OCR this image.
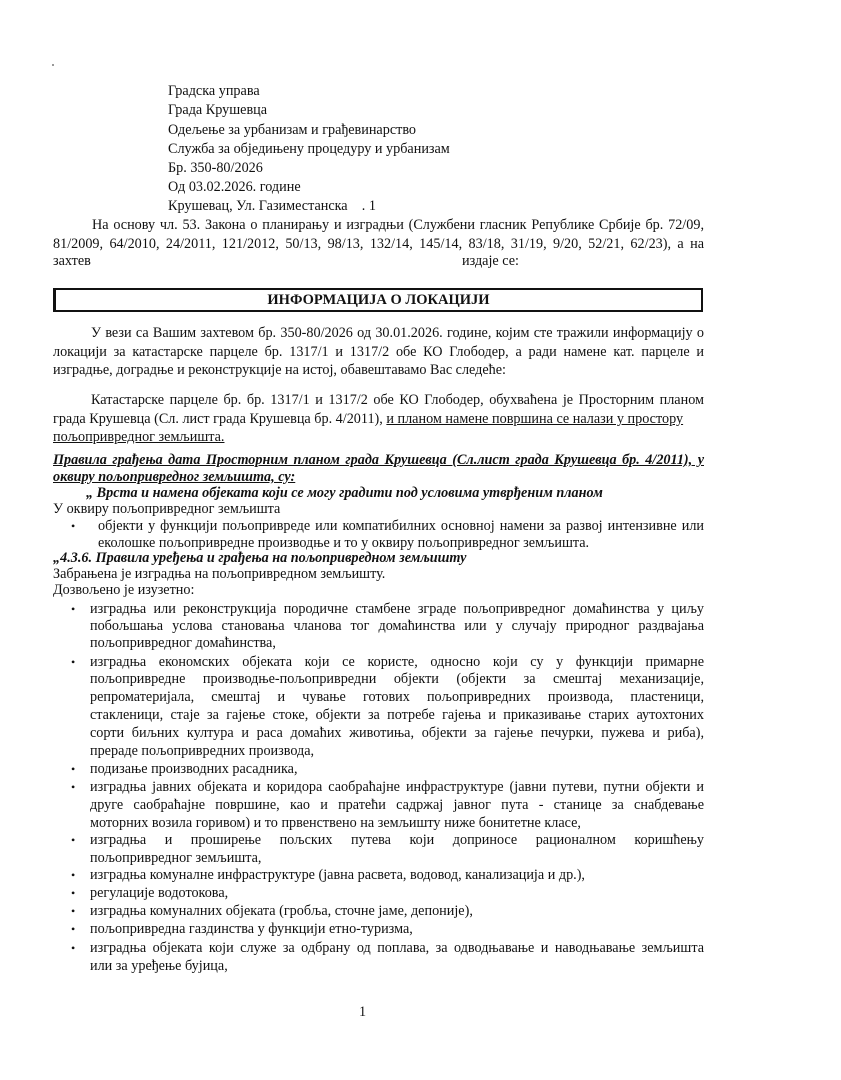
Градска управа
Града Крушевца
Одељење за урбанизам и грађевинарство
Служба за обједињену процедуру и урбанизам
Бр. 350-80/2026
Од 03.02.2026. године
Крушевац, Ул. Газиместанска    . 1
На основу чл. 53. Закона о планирању и изградњи (Службени гласник Републике Србије бр. 72/09,
81/2009, 64/2010, 24/2011, 121/2012, 50/13, 98/13, 132/14, 145/14, 83/18, 31/19, 9/20, 52/21, 62/23), а на
захтев	издаје се:
ИНФОРМАЦИЈА О ЛОКАЦИЈИ
У вези са Вашим захтевом бр. 350-80/2026 од 30.01.2026. године, којим сте тражили информацију о
локацији за катастарске парцеле бр. 1317/1 и 1317/2 обе КО Глободер, а ради намене кат. парцеле и
изградње, доградње и реконструкције на истој, обавештавамо Вас следеће:
Катастарске парцеле бр. бр. 1317/1 и 1317/2 обе КО Глободер, обухваћена је Просторним планом
града Крушевца (Сл. лист града Крушевца бр. 4/2011), и планом намене површина се налази у простору
пољопривредног земљишта.
Правила грађења дата Просторним планом града Крушевца (Сл.лист града Крушевца бр. 4/2011), у
оквиру пољопривредног земљишта, су:
„ Врста и намена објеката који се могу градити под условима утврђеним планом
У оквиру пољопривредног земљишта
• објекти у функцији пољопривреде или компатибилних основној намени за развој интензивне или
еколошке пољопривредне производње и то у оквиру пољопривредног земљишта.
„4.3.6. Правила уређења и грађења на пољопривредном земљишту
Забрањена је изградња на пољопривредном земљишту.
Дозвољено је изузетно:
• изградња или реконструкција породичне стамбене зграде пољопривредног домаћинства у циљу
побољшања услова становања чланова тог домаћинства или у случају природног раздвајања
пољопривредног домаћинства,
• изградња економских објеката који се користе, односно који су у функцији примарне
пољопривредне производње-пољопривредни објекти (објекти за смештај механизације,
репроматеријала, смештај и чување готових пољопривредних производа, пластеници,
стакленици, стаје за гајење стоке, објекти за потребе гајења и приказивање старих аутохтоних
сорти биљних култура и раса домаћих животиња, објекти за гајење печурки, пужева и риба),
прераде пољопривредних производа,
• подизање производних расадника,
• изградња јавних објеката и коридора саобраћајне инфраструктуре (јавни путеви, путни објекти и
друге саобраћајне површине, као и пратећи садржај јавног пута - станице за снабдевање
моторних возила горивом) и то првенствено на земљишту ниже бонитетне класе,
• изградња и проширење пољских путева који доприносе рационалном коришћењу
пољопривредног земљишта,
• изградња комуналне инфраструктуре (јавна расвета, водовод, канализација и др.),
• регулације водотокова,
• изградња комуналних објеката (гробља, сточне јаме, депоније),
• пољопривредна газдинства у функцији етно-туризма,
• изградња објеката који служе за одбрану од поплава, за одводњавање и наводњавање земљишта
или за уређење бујица,
1
